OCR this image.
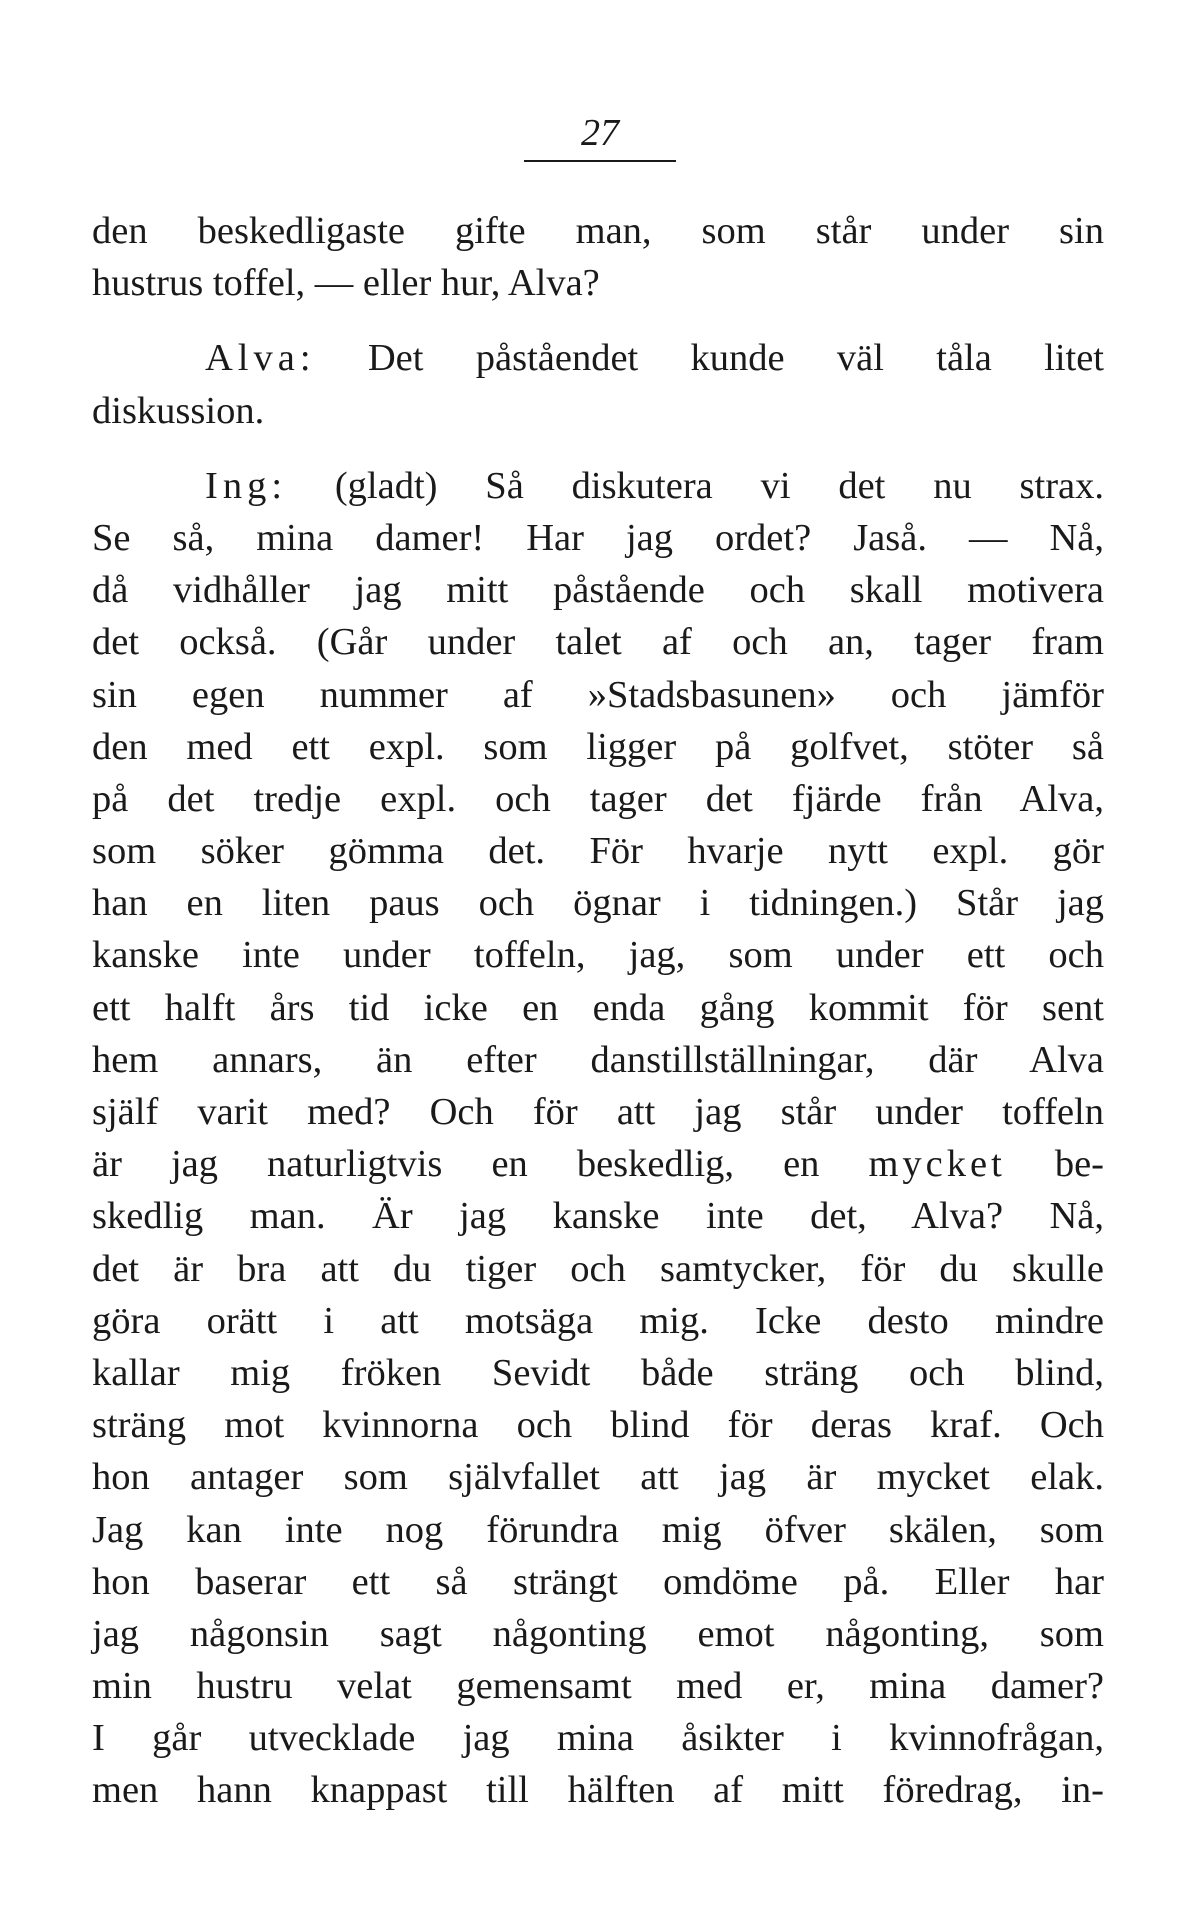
27
den beskedligaste gifte man, som står under sin
hustrus toffel, — eller hur, Alva?
Alva: Det påståendet kunde väl tåla litet
diskussion.
Ing: (gladt) Så diskutera vi det nu strax.
Se så, mina damer! Har jag ordet? Jaså. — Nå,
då vidhåller jag mitt påstående och skall motivera
det också. (Går under talet af och an, tager fram
sin egen nummer af »Stadsbasunen» och jämför
den med ett expl. som ligger på golfvet, stöter så
på det tredje expl. och tager det fjärde från Alva,
som söker gömma det. För hvarje nytt expl. gör
han en liten paus och ögnar i tidningen.) Står jag
kanske inte under toffeln, jag, som under ett och
ett halft års tid icke en enda gång kommit för sent
hem annars, än efter danstillställningar, där Alva
själf varit med? Och för att jag står under toffeln
är jag naturligtvis en beskedlig, en mycket be-
skedlig man. Är jag kanske inte det, Alva? Nå,
det är bra att du tiger och samtycker, för du skulle
göra orätt i att motsäga mig. Icke desto mindre
kallar mig fröken Sevidt både sträng och blind,
sträng mot kvinnorna och blind för deras kraf. Och
hon antager som självfallet att jag är mycket elak.
Jag kan inte nog förundra mig öfver skälen, som
hon baserar ett så strängt omdöme på. Eller har
jag någonsin sagt någonting emot någonting, som
min hustru velat gemensamt med er, mina damer?
I går utvecklade jag mina åsikter i kvinnofrågan,
men hann knappast till hälften af mitt föredrag, in-
